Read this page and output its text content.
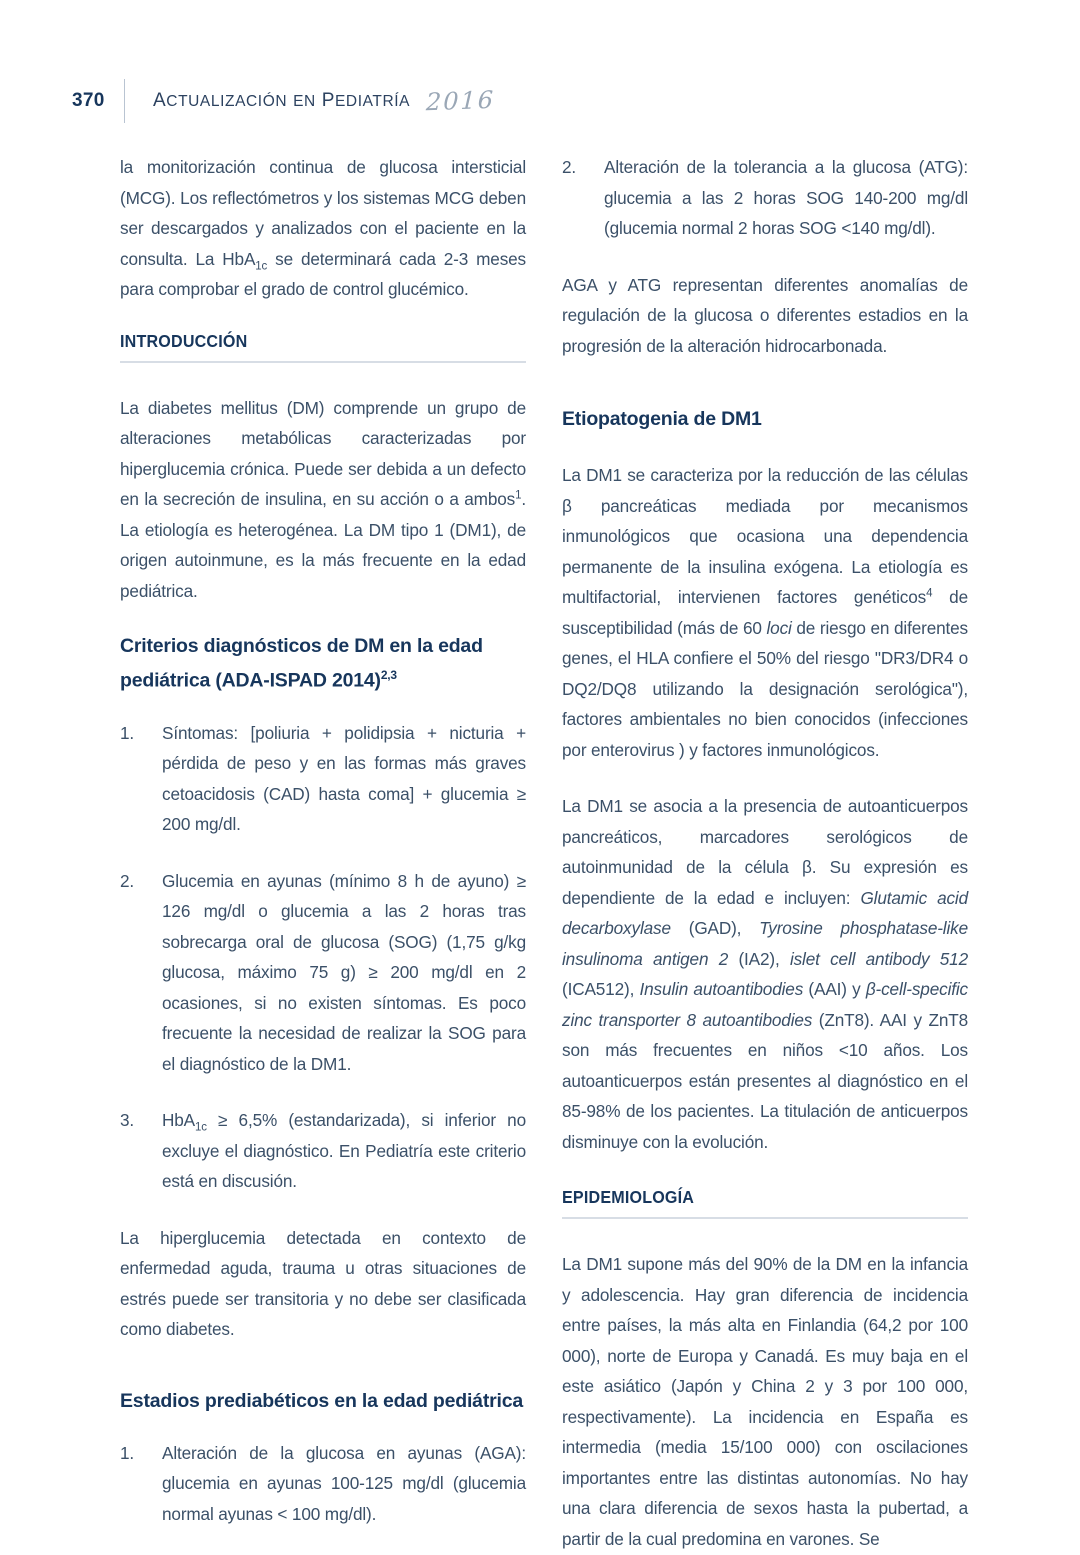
370	ACTUALIZACIÓN EN PEDIATRÍA 2016

la monitorización continua de glucosa intersticial (MCG). Los reflectómetros y los sistemas MCG deben ser descargados y analizados con el paciente en la consulta. La HbA$_{1c}$ se determinará cada 2-3 meses para comprobar el grado de control glucémico.

INTRODUCCIÓN

La diabetes mellitus (DM) comprende un grupo de alteraciones metabólicas caracterizadas por hiperglucemia crónica. Puede ser debida a un defecto en la secreción de insulina, en su acción o a ambos$^1$. La etiología es heterogénea. La DM tipo 1 (DM1), de origen autoinmune, es la más frecuente en la edad pediátrica.

Criterios diagnósticos de DM en la edad pediátrica (ADA-ISPAD 2014)$^{2,3}$
1.	Síntomas: [poliuria + polidipsia + nicturia + pérdida de peso y en las formas más graves cetoacidosis (CAD) hasta coma] + glucemia ≥ 200 mg/dl.
2.	Glucemia en ayunas (mínimo 8 h de ayuno) ≥ 126 mg/dl o glucemia a las 2 horas tras sobrecarga oral de glucosa (SOG) (1,75 g/kg glucosa, máximo 75 g) ≥ 200 mg/dl en 2 ocasiones, si no existen síntomas. Es poco frecuente la necesidad de realizar la SOG para el diagnóstico de la DM1.
3.	HbA$_{1c}$ ≥ 6,5% (estandarizada), si inferior no excluye el diagnóstico. En Pediatría este criterio está en discusión.

La hiperglucemia detectada en contexto de enfermedad aguda, trauma u otras situaciones de estrés puede ser transitoria y no debe ser clasificada como diabetes.

Estadios prediabéticos en la edad pediátrica
1.	Alteración de la glucosa en ayunas (AGA): glucemia en ayunas 100-125 mg/dl (glucemia normal ayunas < 100 mg/dl).
2.	Alteración de la tolerancia a la glucosa (ATG): glucemia a las 2 horas SOG 140-200 mg/dl (glucemia normal 2 horas SOG <140 mg/dl).

AGA y ATG representan diferentes anomalías de regulación de la glucosa o diferentes estadios en la progresión de la alteración hidrocarbonada.

Etiopatogenia de DM1

La DM1 se caracteriza por la reducción de las células β pancreáticas mediada por mecanismos inmunológicos que ocasiona una dependencia permanente de la insulina exógena. La etiología es multifactorial, intervienen factores genéticos$^4$ de susceptibilidad (más de 60 loci de riesgo en diferentes genes, el HLA confiere el 50% del riesgo "DR3/DR4 o DQ2/DQ8 utilizando la designación serológica"), factores ambientales no bien conocidos (infecciones por enterovirus ) y factores inmunológicos.

La DM1 se asocia a la presencia de autoanticuerpos pancreáticos, marcadores serológicos de autoinmunidad de la célula β. Su expresión es dependiente de la edad e incluyen: Glutamic acid decarboxylase (GAD), Tyrosine phosphatase-like insulinoma antigen 2 (IA2), islet cell antibody 512 (ICA512), Insulin autoantibodies (AAI) y β-cell-specific zinc transporter 8 autoantibodies (ZnT8). AAI y ZnT8 son más frecuentes en niños <10 años. Los autoanticuerpos están presentes al diagnóstico en el 85-98% de los pacientes. La titulación de anticuerpos disminuye con la evolución.

EPIDEMIOLOGÍA

La DM1 supone más del 90% de la DM en la infancia y adolescencia. Hay gran diferencia de incidencia entre países, la más alta en Finlandia (64,2 por 100 000), norte de Europa y Canadá. Es muy baja en el este asiático (Japón y China 2 y 3 por 100 000, respectivamente). La incidencia en España es intermedia (media 15/100 000) con oscilaciones importantes entre las distintas autonomías. No hay una clara diferencia de sexos hasta la pubertad, a partir de la cual predomina en varones. Se
